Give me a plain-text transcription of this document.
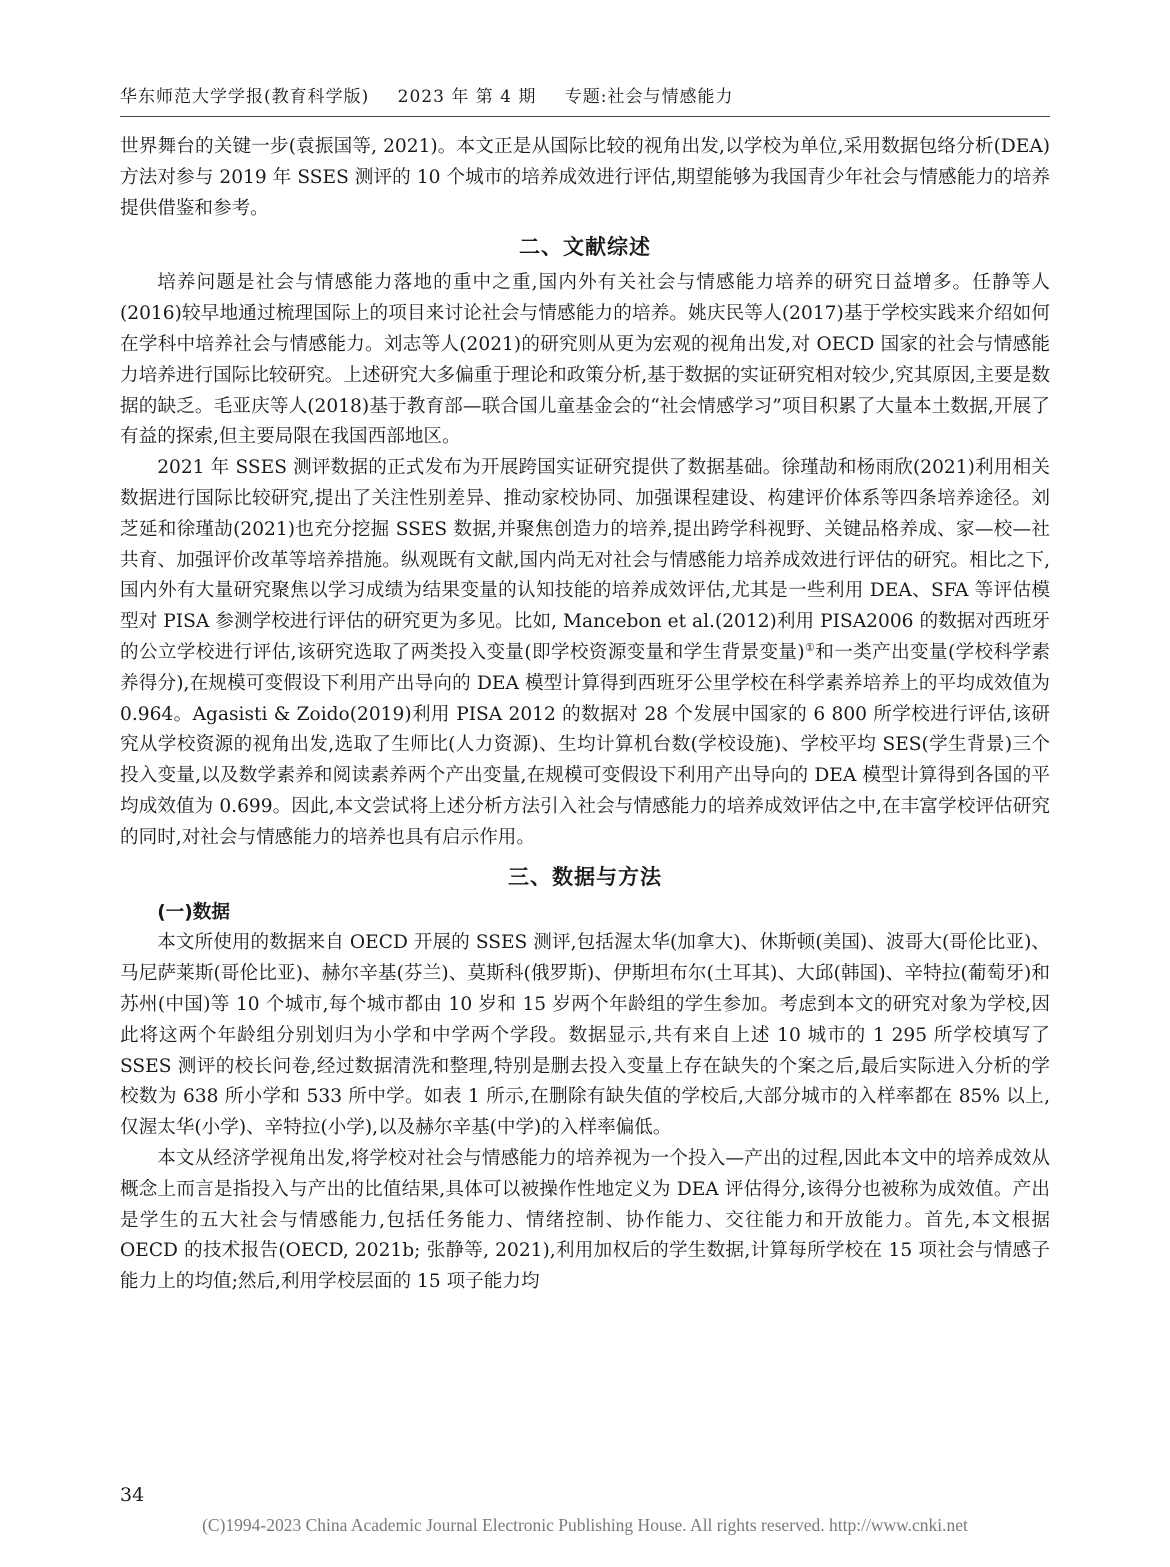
华东师范大学学报(教育科学版) 2023 年 第 4 期 专题:社会与情感能力

世界舞台的关键一步(袁振国等, 2021)。本文正是从国际比较的视角出发,以学校为单位,采用数据包络分析(DEA)方法对参与 2019 年 SSES 测评的 10 个城市的培养成效进行评估,期望能够为我国青少年社会与情感能力的培养提供借鉴和参考。

二、文献综述

培养问题是社会与情感能力落地的重中之重,国内外有关社会与情感能力培养的研究日益增多。任静等人(2016)较早地通过梳理国际上的项目来讨论社会与情感能力的培养。姚庆民等人(2017)基于学校实践来介绍如何在学科中培养社会与情感能力。刘志等人(2021)的研究则从更为宏观的视角出发,对 OECD 国家的社会与情感能力培养进行国际比较研究。上述研究大多偏重于理论和政策分析,基于数据的实证研究相对较少,究其原因,主要是数据的缺乏。毛亚庆等人(2018)基于教育部—联合国儿童基金会的“社会情感学习”项目积累了大量本土数据,开展了有益的探索,但主要局限在我国西部地区。

2021 年 SSES 测评数据的正式发布为开展跨国实证研究提供了数据基础。徐瑾劼和杨雨欣(2021)利用相关数据进行国际比较研究,提出了关注性别差异、推动家校协同、加强课程建设、构建评价体系等四条培养途径。刘芝延和徐瑾劼(2021)也充分挖掘 SSES 数据,并聚焦创造力的培养,提出跨学科视野、关键品格养成、家—校—社共育、加强评价改革等培养措施。纵观既有文献,国内尚无对社会与情感能力培养成效进行评估的研究。相比之下,国内外有大量研究聚焦以学习成绩为结果变量的认知技能的培养成效评估,尤其是一些利用 DEA、SFA 等评估模型对 PISA 参测学校进行评估的研究更为多见。比如, Mancebon et al.(2012)利用 PISA2006 的数据对西班牙的公立学校进行评估,该研究选取了两类投入变量(即学校资源变量和学生背景变量)①和一类产出变量(学校科学素养得分),在规模可变假设下利用产出导向的 DEA 模型计算得到西班牙公里学校在科学素养培养上的平均成效值为 0.964。Agasisti & Zoido(2019)利用 PISA 2012 的数据对 28 个发展中国家的 6 800 所学校进行评估,该研究从学校资源的视角出发,选取了生师比(人力资源)、生均计算机台数(学校设施)、学校平均 SES(学生背景)三个投入变量,以及数学素养和阅读素养两个产出变量,在规模可变假设下利用产出导向的 DEA 模型计算得到各国的平均成效值为 0.699。因此,本文尝试将上述分析方法引入社会与情感能力的培养成效评估之中,在丰富学校评估研究的同时,对社会与情感能力的培养也具有启示作用。

三、数据与方法
(一)数据

本文所使用的数据来自 OECD 开展的 SSES 测评,包括渥太华(加拿大)、休斯顿(美国)、波哥大(哥伦比亚)、马尼萨莱斯(哥伦比亚)、赫尔辛基(芬兰)、莫斯科(俄罗斯)、伊斯坦布尔(土耳其)、大邱(韩国)、辛特拉(葡萄牙)和苏州(中国)等 10 个城市,每个城市都由 10 岁和 15 岁两个年龄组的学生参加。考虑到本文的研究对象为学校,因此将这两个年龄组分别划归为小学和中学两个学段。数据显示,共有来自上述 10 城市的 1 295 所学校填写了 SSES 测评的校长问卷,经过数据清洗和整理,特别是删去投入变量上存在缺失的个案之后,最后实际进入分析的学校数为 638 所小学和 533 所中学。如表 1 所示,在删除有缺失值的学校后,大部分城市的入样率都在 85% 以上,仅渥太华(小学)、辛特拉(小学),以及赫尔辛基(中学)的入样率偏低。

本文从经济学视角出发,将学校对社会与情感能力的培养视为一个投入—产出的过程,因此本文中的培养成效从概念上而言是指投入与产出的比值结果,具体可以被操作性地定义为 DEA 评估得分,该得分也被称为成效值。产出是学生的五大社会与情感能力,包括任务能力、情绪控制、协作能力、交往能力和开放能力。首先,本文根据 OECD 的技术报告(OECD, 2021b; 张静等, 2021),利用加权后的学生数据,计算每所学校在 15 项社会与情感子能力上的均值;然后,利用学校层面的 15 项子能力均

34
(C)1994-2023 China Academic Journal Electronic Publishing House. All rights reserved. http://www.cnki.net
